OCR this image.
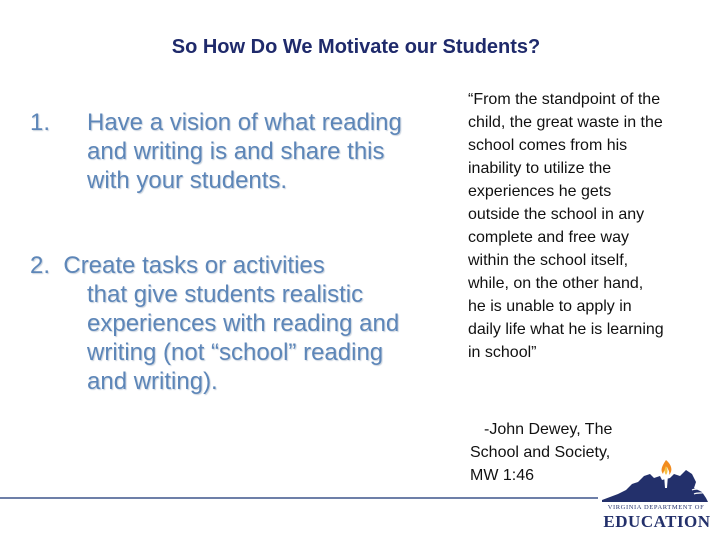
So How Do We Motivate our Students?
1. Have a vision of what reading and writing is and share this with your students.
2. Create tasks or activities
that give students realistic experiences with reading and writing (not “school” reading and writing).
“From the standpoint of the child, the great waste in the school comes from his inability to utilize the experiences he gets outside the school in any complete and free way within the school itself, while, on the other hand, he is unable to apply in daily life what he is learning in school”
-John Dewey, The
School and Society,
MW 1:46
VIRGINIA DEPARTMENT OF
EDUCATION
